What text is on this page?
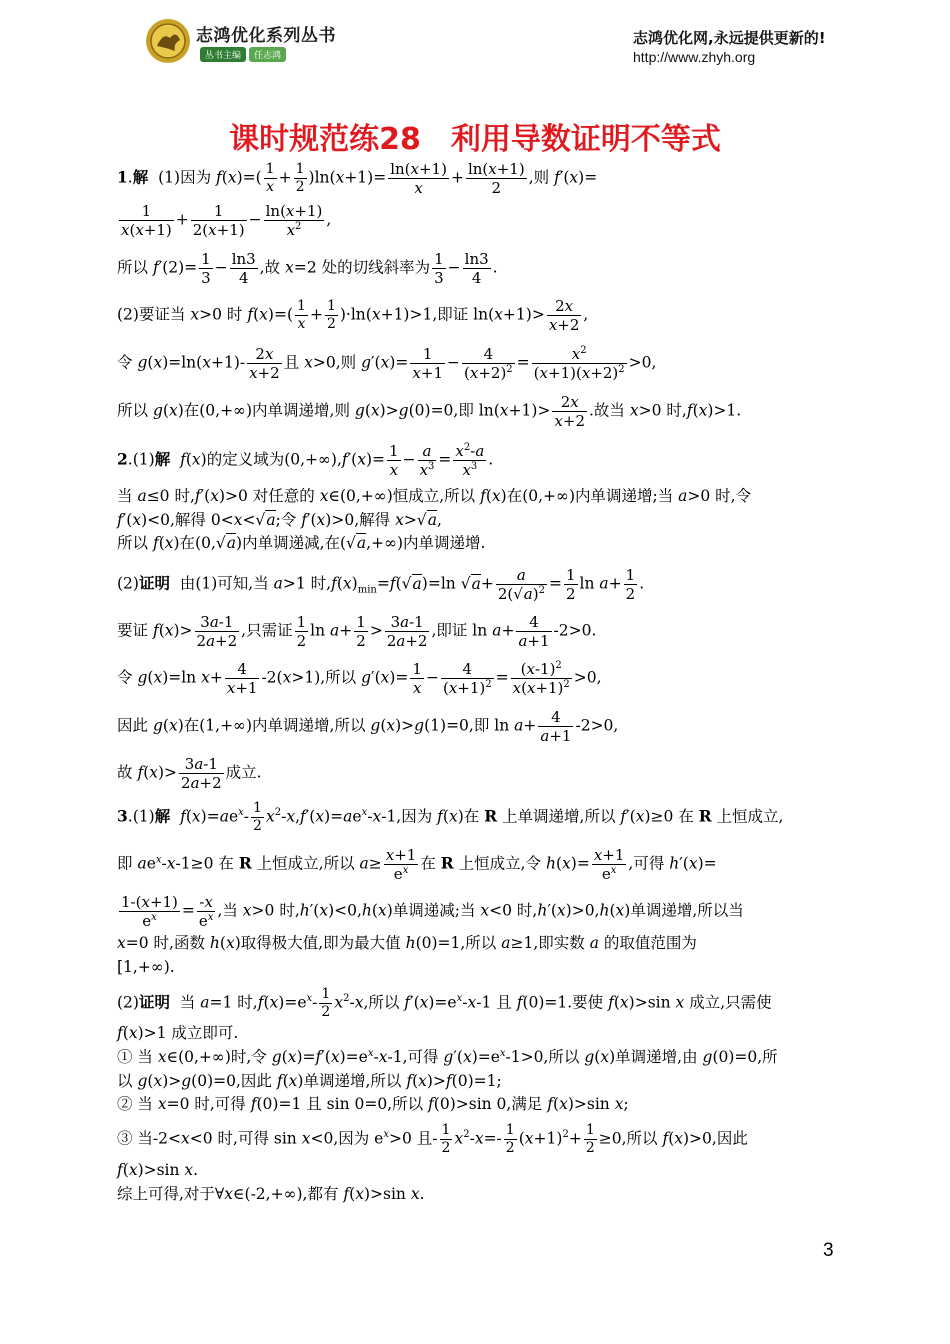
志鸿优化系列丛书
丛书主编 任志鸿
志鸿优化网,永远提供更新的!
http://www.zhyh.org
课时规范练28　利用导数证明不等式
1.解 (1)因为 $f(x)=( \frac{1}{x} + \frac{1}{2} )\ln(x+1)= \frac{\ln(x+1)}{x} + \frac{\ln(x+1)}{2}$ ,则 f′(x)=
$\frac{1}{x(x+1)} + \frac{1}{2(x+1)} - \frac{\ln(x+1)}{x^2}$ ,
所以 $f'(2)= \frac{1}{3} - \frac{\ln 3}{4}$ ,故 x=2 处的切线斜率为 $\frac{1}{3} - \frac{\ln 3}{4}$ .
(2)要证当 x>0 时 $f(x)=( \frac{1}{x} + \frac{1}{2} )\cdot\ln(x+1)>1$,即证 $\ln(x+1)> \frac{2x}{x+2}$ ,
令 $g(x)=\ln(x+1)- \frac{2x}{x+2}$ 且 x>0,则 $g'(x)= \frac{1}{x+1} - \frac{4}{(x+2)^2} = \frac{x^2}{(x+1)(x+2)^2} >0$,
所以 g(x)在(0,+∞)内单调递增,则 g(x)>g(0)=0,即 $\ln(x+1)> \frac{2x}{x+2}$ .故当 x>0 时,f(x)>1.
2.(1)解 f(x)的定义域为$(0,+\infty),f'(x)= \frac{1}{x} - \frac{a}{x^3} = \frac{x^2-a}{x^3}$ .
当 a≤0 时,f′(x)>0 对任意的 x∈(0,+∞)恒成立,所以 f(x)在(0,+∞)内单调递增;当 a>0 时,令
f′(x)<0,解得 0<x<√a;令 f′(x)>0,解得 x>√a,
所以 f(x)在(0,√a)内单调递减,在(√a,+∞)内单调递增.
(2)证明  由(1)可知,当 a>1 时$,f(x)_{min}=f(√a)=\ln$ $√a+ \frac{a}{2(√a)^2} = \frac{1}{2}$ $\ln a+ \frac{1}{2}$ .
要证 $f(x)> \frac{3a-1}{2a+2}$ ,只需证 $\frac{1}{2}$ $\ln a+ \frac{1}{2} > \frac{3a-1}{2a+2}$ ,即证 $\ln a+ \frac{4}{a+1} -2>0$.
令 g(x)=ln $x+ \frac{4}{x+1} -2(x>1)$,所以 $g'(x)= \frac{1}{x} - \frac{4}{(x+1)^2} = \frac{(x-1)^2}{x(x+1)^2} >0$,
因此 g(x)在(1,+∞)内单调递增,所以 g(x)>g(1)=0,即 $\ln a+ \frac{4}{a+1} -2>0$,
故 $f(x)> \frac{3a-1}{2a+2}$ 成立.
3.(1)解 $f(x)=ae^x- \frac{1}{2} x^2-x,f'(x)=ae^x-x-1$,因为 f(x)在 R 上单调递增,所以 f′(x)≥0 在 R 上恒成立,
即 $ae^x-x-1\ge 0$ 在 R 上恒成立,所以 $a\ge \frac{x+1}{e^x}$ 在 R 上恒成立,令 $h(x)= \frac{x+1}{e^x}$ ,可得 h′(x)=
$\frac{1-(x+1)}{e^x} = \frac{-x}{e^x}$ ,当 x>0 时,h′(x)<0,h(x)单调递减;当 x<0 时,h′(x)>0,h(x)单调递增,所以当
x=0 时,函数 h(x)取得极大值,即为最大值 h(0)=1,所以 a≥1,即实数 a 的取值范围为
[1,+∞).
(2)证明  当 a=1 时$,f(x)=e^x- \frac{1}{2} x^2-x$,所以 $f'(x)=e^x-x-1$ 且 f(0)=1.要使 f(x)>sin x 成立,只需使
f(x)>1 成立即可.
① 当 x∈(0,+∞)时,令 $g(x)=f'(x)=e^x-x-1$,可得 $g'(x)=e^x-1>0$,所以 g(x)单调递增,由 g(0)=0,所
以 g(x)>g(0)=0,因此 f(x)单调递增,所以 f(x)>f(0)=1;
② 当 x=0 时,可得 f(0)=1 且 sin 0=0,所以 f(0)>sin 0,满足 f(x)>sin x;
③ 当-2<x<0 时,可得 sin x<0,因为 $e^x>0$ 且- $\frac{1}{2} x^2-x=- \frac{1}{2} (x+1)^2+ \frac{1}{2} \ge 0$,所以 f(x)>0,因此
f(x)>sin x.
综上可得,对于∀x∈(-2,+∞),都有 f(x)>sin x.

3
